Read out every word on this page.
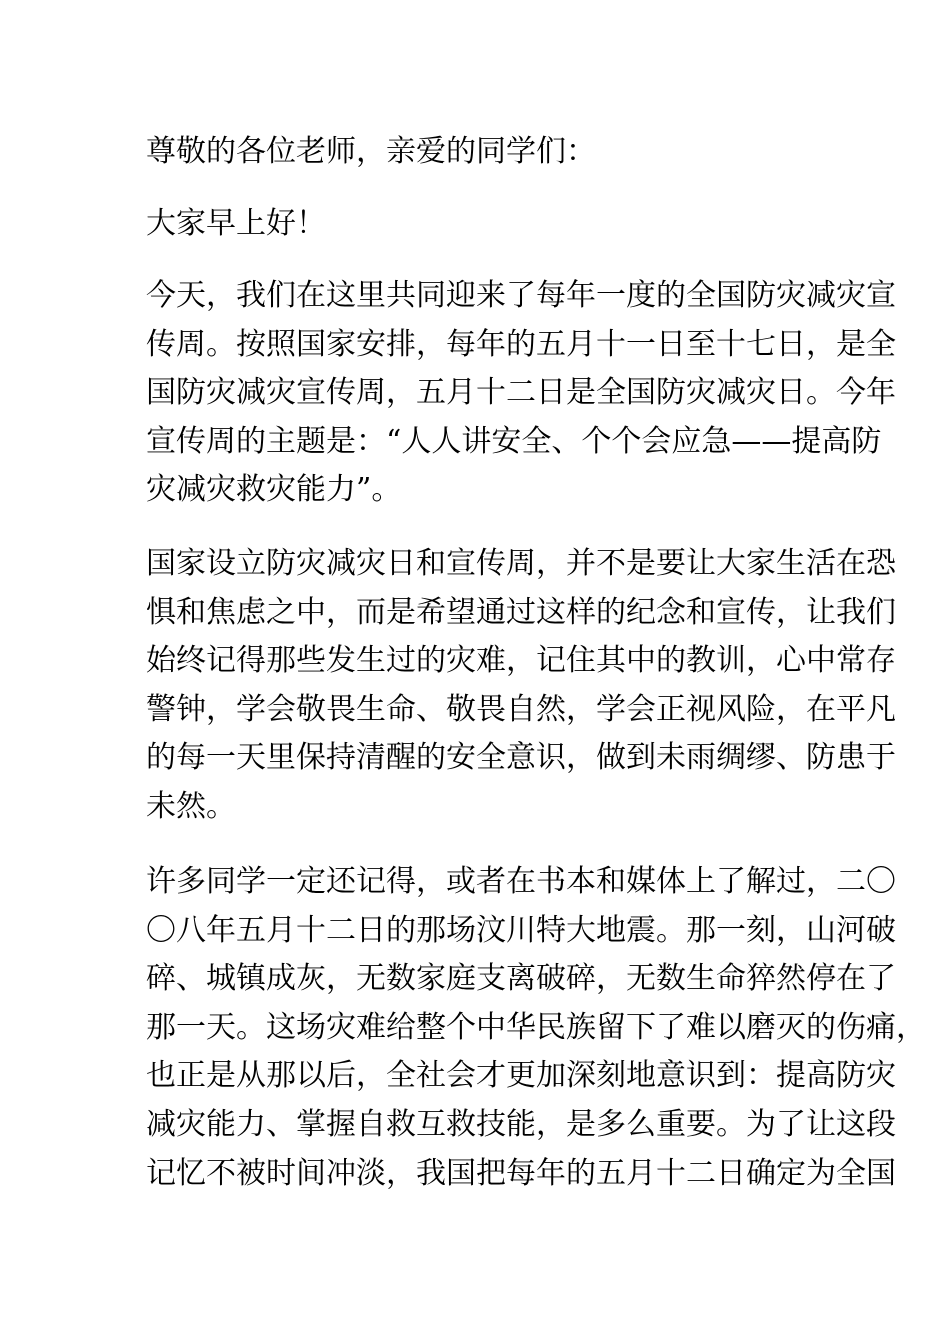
尊敬的各位老师，亲爱的同学们：

大家早上好！

今天，我们在这里共同迎来了每年一度的全国防灾减灾宣
传周。按照国家安排，每年的五月十一日至十七日，是全
国防灾减灾宣传周，五月十二日是全国防灾减灾日。今年
宣传周的主题是：“人人讲安全、个个会应急——提高防
灾减灾救灾能力”。

国家设立防灾减灾日和宣传周，并不是要让大家生活在恐
惧和焦虑之中，而是希望通过这样的纪念和宣传，让我们
始终记得那些发生过的灾难，记住其中的教训，心中常存
警钟，学会敬畏生命、敬畏自然，学会正视风险，在平凡
的每一天里保持清醒的安全意识，做到未雨绸缪、防患于
未然。

许多同学一定还记得，或者在书本和媒体上了解过，二〇
〇八年五月十二日的那场汶川特大地震。那一刻，山河破
碎、城镇成灰，无数家庭支离破碎，无数生命猝然停在了
那一天。这场灾难给整个中华民族留下了难以磨灭的伤痛，
也正是从那以后，全社会才更加深刻地意识到：提高防灾
减灾能力、掌握自救互救技能，是多么重要。为了让这段
记忆不被时间冲淡，我国把每年的五月十二日确定为全国
